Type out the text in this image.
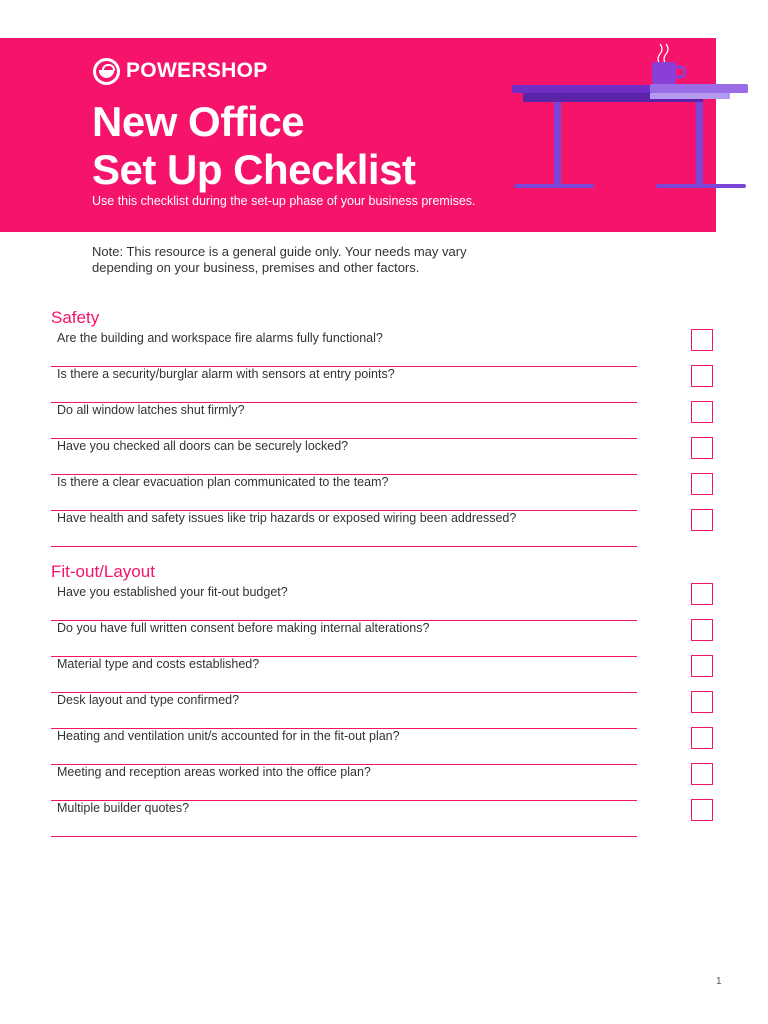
POWERSHOP
New Office
Set Up Checklist
Use this checklist during the set-up phase of your business premises.
Note: This resource is a general guide only. Your needs may vary depending on your business, premises and other factors.
Safety
Are the building and workspace fire alarms fully functional?
Is there a security/burglar alarm with sensors at entry points?
Do all window latches shut firmly?
Have you checked all doors can be securely locked?
Is there a clear evacuation plan communicated to the team?
Have health and safety issues like trip hazards or exposed wiring been addressed?
Fit-out/Layout
Have you established your fit-out budget?
Do you have full written consent before making internal alterations?
Material type and costs established?
Desk layout and type confirmed?
Heating and ventilation unit/s accounted for in the fit-out plan?
Meeting and reception areas worked into the office plan?
Multiple builder quotes?
1
